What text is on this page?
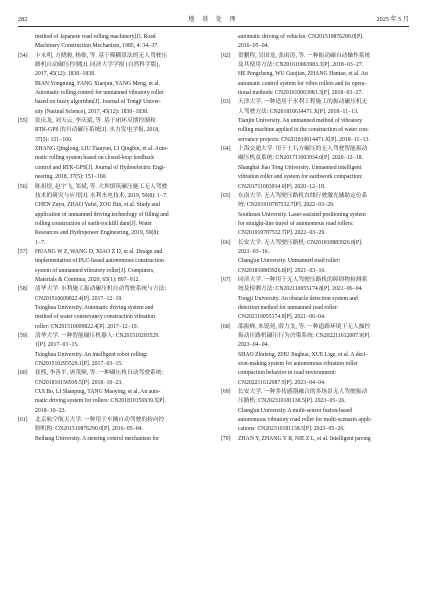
282	地 基 处 理	2025 年 5 月
method of Japanese road rolling machinery[J]. Road
Machinery Construction Mechanism, 1985, 4: 34−37.
[54]	卞永明, 方晓骏, 杨维, 等. 基于模糊算法的无人驾驶压
路机自动碾压控制[J]. 同济大学学报 (自然科学版),
2017, 45(12): 1830−1838.
BIAN Yongming, FANG Xiaojun, YANG Meng, et al.
Automatic rolling control for unmanned vibratory roller
based on fuzzy algorithm[J]. Journal of Tongji Univer-
sity (Natural Science), 2017, 45(12): 1830−1838.
[55]	张庆龙, 刘天云, 李庆斌, 等. 基于闭环反馈控制和
RTK-GPS 的自动碾压系统[J]. 水力发电学报, 2018,
37(5): 151−160.
ZHANG Qinglong, LIU Tianyun, LI Qingbin, et al. Auto-
matic rolling system based on closed-loop feedback
control and RTK-GPS[J]. Journal of Hydroelectric Engi-
neering, 2018, 37(5): 151−160.
[56]	陈祖煜, 赵宇飞, 邹斌, 等. 大坝填筑碾压施工无人驾驶
技术的研究与应用[J]. 水利水电技术, 2019, 50(8): 1−7.
CHEN Zuyu, ZHAO Yufei, ZOU Bin, et al. Study and
application of unmanned driving technology of filling and
rolling construction of earth-rockfill dam[J]. Water
Resources and Hydropower Engineering, 2019, 50(8):
1−7.
[57]	HUANG W Z, WANG D, XIAO Z D, et al. Design and
implementation of PLC-based autonomous construction
system of unmanned vibratory roller[J]. Computers,
Materials & Continua, 2020, 65(1): 897−912.
[58]	清华大学. 水利施工振动碾压机自动驾驶系统与方法:
CN201510609822.4[P]. 2017−12−19.
Tsinghua University. Automatic driving system and
method of water conservancy construction vibration
roller: CN201510609822.4[P]. 2017−12−19.
[59]	清华大学. 一种智能碾压机器人: CN201510293529.
1[P]. 2017−03−15.
Tsinghua University. An intelligent robot rolling:
CN201510293529.1[P]. 2017−03−15.
[60]	崔熙, 李善平, 唐茂顺, 等. 一种碾压机自动驾驶系统:
CN201810156939.5[P]. 2018−10−23.
CUI Bo, LI Shanping, TANG Maoying, et al. An auto-
matic driving system for rollers: CN201810156939.5[P].
2018−10−23.
[61]	北京航空航天大学. 一种用于车辆自动驾驶的转向控
制机构: CN201510876290.0[P]. 2016−05−04.
Beihang University. A steering control mechanism for
automatic driving of vehicles: CN201510876290.0[P].
2016−05−04.
[62]	贺鹏程, 吴国龙, 张雨涛, 等. 一种振动碾自动操作系统
及其使用方法: CN201610063983.3[P]. 2018−03−27.
HE Pengcheng, WU Guojian, ZHANG Hantao, et al. An
automatic control system for vibro rollers and its opera-
tional methods: CN201610063983.3[P]. 2018−03−27.
[63]	天津大学. 一种适用于水利工程施工的振动碾压机无
人驾驶方法: CN201810614471.X[P]. 2018−11−13.
Tianjin University. An unmanned method of vibratory
rolling machine applied to the construction of water con-
servancy projects: CN201810614471.X[P]. 2018−11−13.
[64]	上海交通大学. 用于土石方碾压的无人驾驶智能振动
碾压机及系统: CN201711003934.0[P]. 2020−12−18.
Shanghai Jiao Tong University. Unmanned intelligent
vibration roller and system for earthwork compaction:
CN201711003934.0[P]. 2020−12−18.
[65]	东南大学. 无人驾驶压路机直线行驶激光辅助定位系
统: CN201910787532.7[P]. 2022−03−29.
Southeast University. Laser-assisted positioning system
for straight-line travel of autonomous road rollers:
CN201910787532.7[P]. 2022−03−29.
[66]	长安大学. 无人驾驶压路机: CN201810883926.8[P].
2021−03−16.
Chang'an University. Unmanned road roller:
CN201810883926.8[P]. 2021−03−16.
[67]	同济大学. 一种用于无人驾驶压路机的障碍物检测系
统及检测方法: CN202110055174.8[P]. 2021−06−04.
Tongji University. An obstacle detection system and
detection method for unmanned road roller:
CN202110055174.8[P]. 2021−06−04.
[68]	邵振峰, 朱锐苑, 薛力戈, 等. 一种道路环境下无人操控
振动压路机碾压行为决策系统: CN202211612087.9[P].
2023−04−04.
SHAO Zhufeng, ZHU Jinghua, XUE Lige, et al. A deci-
sion-making system for autonomous vibration roller
compaction behavior in road environment:
CN202211612087.9[P]. 2023−04−04.
[69]	长安大学. 一种多传感器融合的多场景无人驾驶振动
压路机: CN202310181138.5[P]. 2023−05−26.
Chang'an University. A multi-sensor fusion-based
autonomous vibratory road roller for multi-scenario appli-
cations: CN202310181138.5[P]. 2023−05−26.
[70]	ZHAN Y, ZHANG Y R, NIE Z L, et al. Intelligent paving
